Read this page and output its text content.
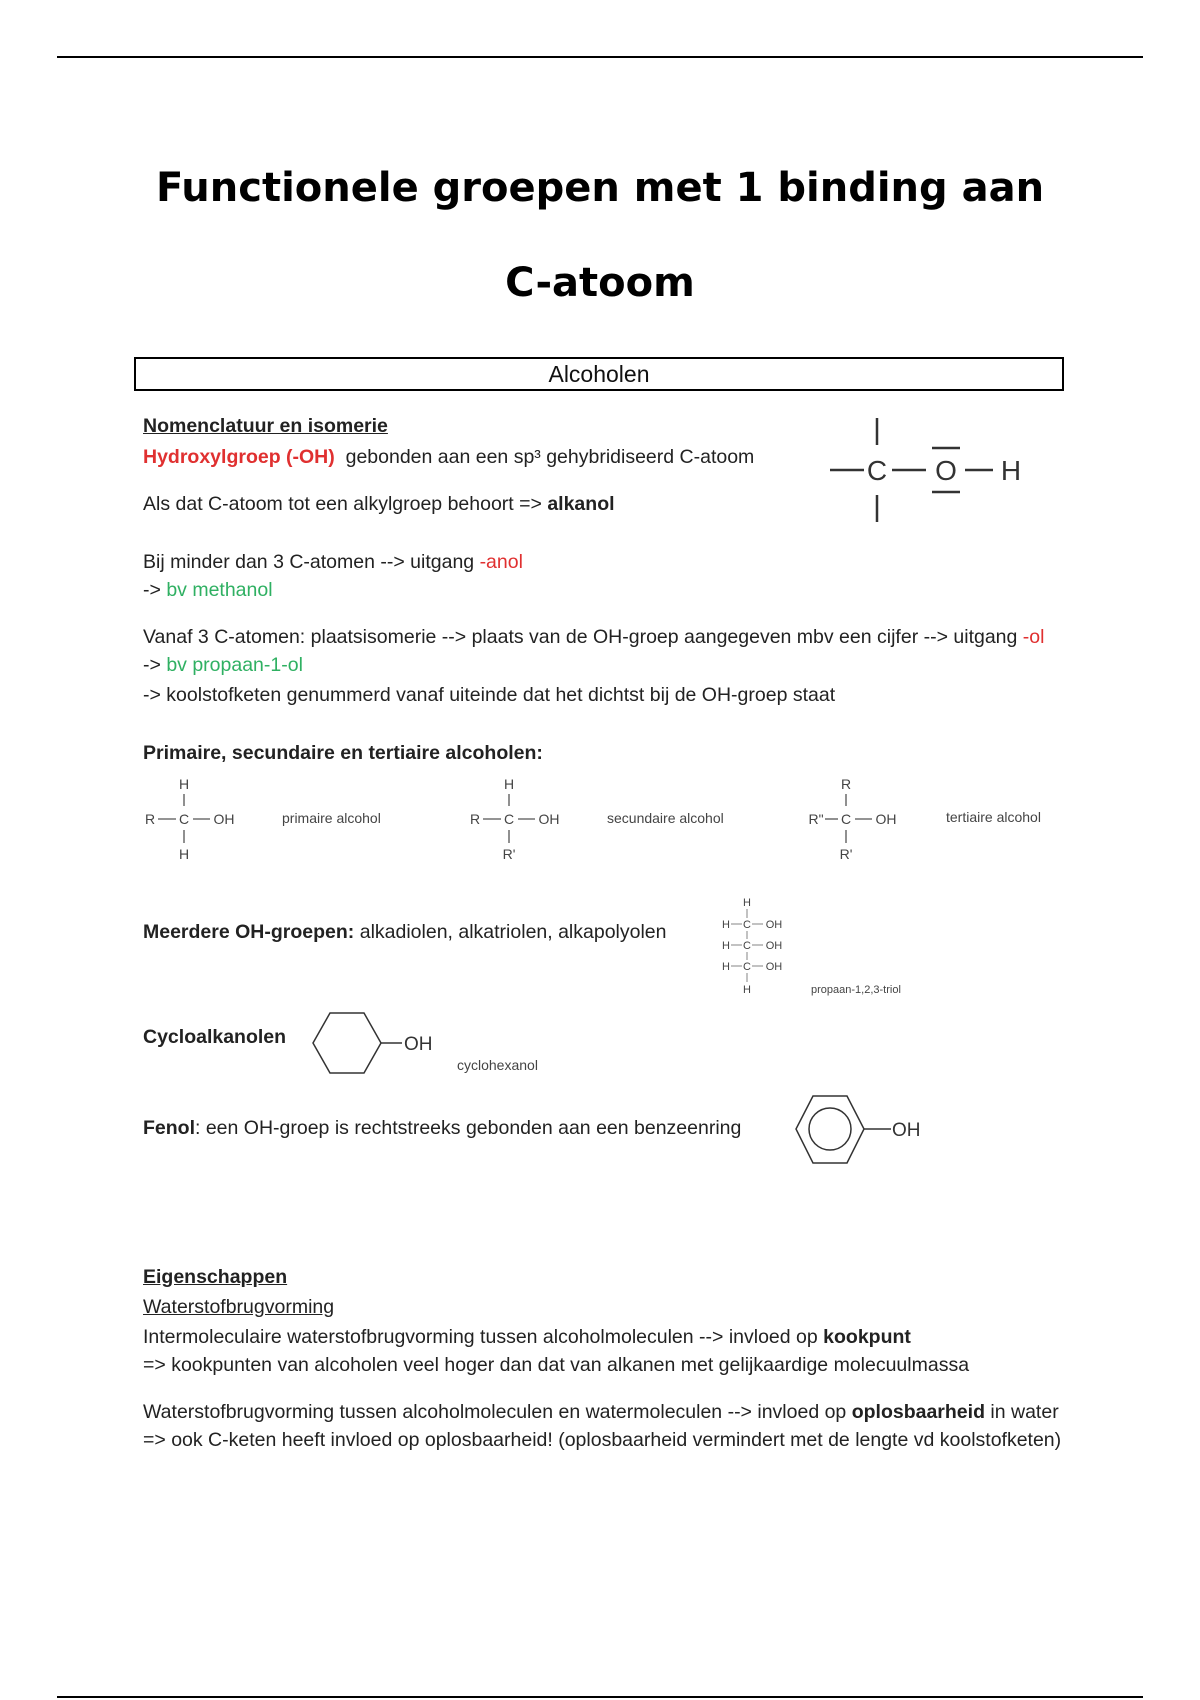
Functionele groepen met 1 binding aan
C-atoom
Alcoholen
Nomenclatuur en isomerie
Hydroxylgroep (-OH) gebonden aan een sp³ gehybridiseerd C-atoom
Als dat C-atoom tot een alkylgroep behoort => alkanol
Bij minder dan 3 C-atomen --> uitgang -anol
-> bv methanol
Vanaf 3 C-atomen: plaatsisomerie --> plaats van de OH-groep aangegeven mbv een cijfer --> uitgang -ol
-> bv propaan-1-ol
-> koolstofketen genummerd vanaf uiteinde dat het dichtst bij de OH-groep staat
C O H
Primaire, secundaire en tertiaire alcoholen:
H
R C OH
H
primaire alcohol
H
R C OH
R'
secundaire alcohol
R
R" C OH
R'
tertiaire alcohol
Meerdere OH-groepen: alkadiolen, alkatriolen, alkapolyolen
H
H C OH
H C OH
H C OH
H	propaan-1,2,3-triol
Cycloalkanolen	OH
cyclohexanol
Fenol: een OH-groep is rechtstreeks gebonden aan een benzeenring	OH
Eigenschappen
Waterstofbrugvorming
Intermoleculaire waterstofbrugvorming tussen alcoholmoleculen --> invloed op kookpunt
=> kookpunten van alcoholen veel hoger dan dat van alkanen met gelijkaardige molecuulmassa
Waterstofbrugvorming tussen alcoholmoleculen en watermoleculen --> invloed op oplosbaarheid in water
=> ook C-keten heeft invloed op oplosbaarheid! (oplosbaarheid vermindert met de lengte vd koolstofketen)
